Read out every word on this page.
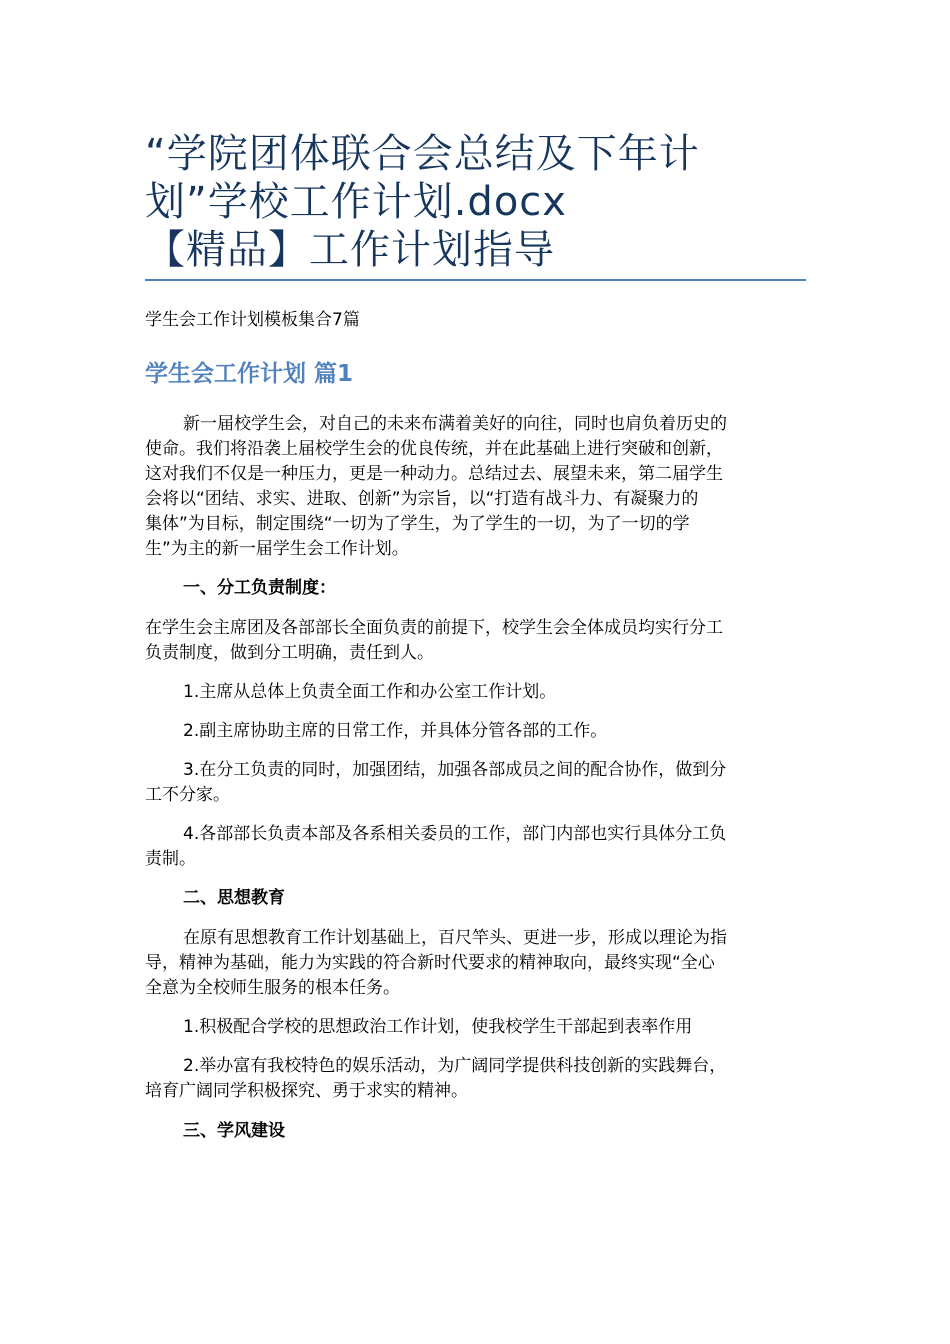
“学院团体联合会总结及下年计
划”学校工作计划.docx
【精品】工作计划指导
学生会工作计划模板集合7篇
学生会工作计划 篇1
新一届校学生会，对自己的未来布满着美好的向往，同时也肩负着历史的
使命。我们将沿袭上届校学生会的优良传统，并在此基础上进行突破和创新，
这对我们不仅是一种压力，更是一种动力。总结过去、展望未来，第二届学生
会将以“团结、求实、进取、创新”为宗旨，以“打造有战斗力、有凝聚力的
集体”为目标，制定围绕“一切为了学生，为了学生的一切，为了一切的学
生”为主的新一届学生会工作计划。
一、分工负责制度：
在学生会主席团及各部部长全面负责的前提下，校学生会全体成员均实行分工
负责制度，做到分工明确，责任到人。
1.主席从总体上负责全面工作和办公室工作计划。
2.副主席协助主席的日常工作，并具体分管各部的工作。
3.在分工负责的同时，加强团结，加强各部成员之间的配合协作，做到分
工不分家。
4.各部部长负责本部及各系相关委员的工作，部门内部也实行具体分工负
责制。
二、思想教育
在原有思想教育工作计划基础上，百尺竿头、更进一步，形成以理论为指
导，精神为基础，能力为实践的符合新时代要求的精神取向，最终实现“全心
全意为全校师生服务的根本任务。
1.积极配合学校的思想政治工作计划，使我校学生干部起到表率作用
2.举办富有我校特色的娱乐活动，为广阔同学提供科技创新的实践舞台，
培育广阔同学积极探究、勇于求实的精神。
三、学风建设
